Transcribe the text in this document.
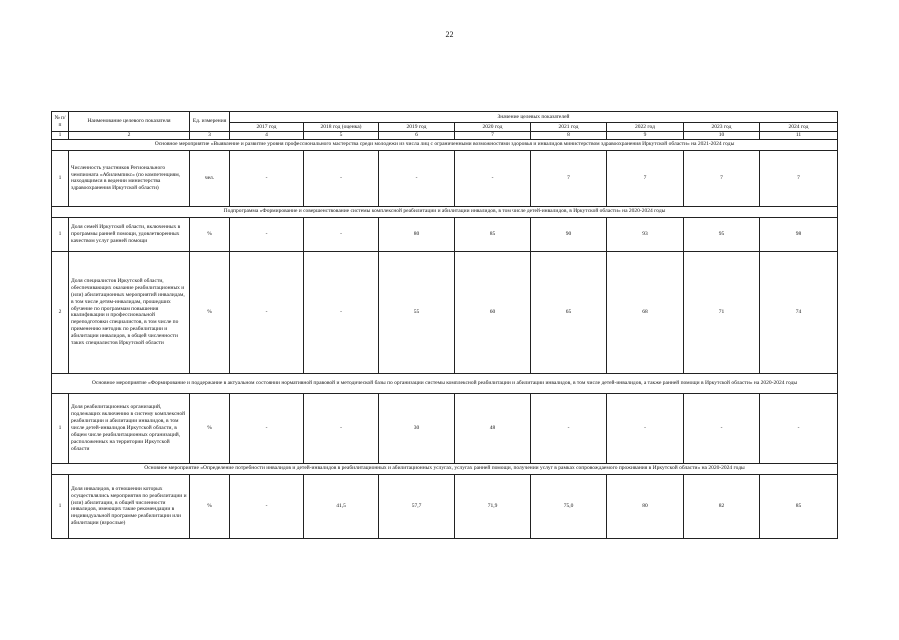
22
№ п/п	Наименование целевого показателя	Ед. измерения	Значение целевых показателей							
			2017 год	2018 год (оценка)	2019 год	2020 год	2021 год	2022 год	2023 год	2024 год
1	2	3	4	5	6	7	8	9	10	11
Основное мероприятие «Выявление и развитие уровня профессионального мастерства среди молодежи из числа лиц с ограниченными возможностями здоровья и инвалидов министерством здравоохранения Иркутской области» на 2021-2024 годы										
1	Численность участников Регионального чемпионата «Абилимпикс» (по компетенциям, находящимся в ведении министерства здравоохранения Иркутской области)	чел.	-	-	-	-	7	7	7	7
Подпрограмма «Формирование и совершенствование системы комплексной реабилитации и абилитации инвалидов, в том числе детей-инвалидов, в Иркутской области» на 2020-2024 годы										
1	Доля семей Иркутской области, включенных в программы ранней помощи, удовлетворенных качеством услуг ранней помощи	%	-	-	80	85	90	93	95	98
2	Доля специалистов Иркутской области, обеспечивающих оказание реабилитационных и (или) абилитационных мероприятий инвалидам, в том числе детям-инвалидам, прошедших обучение по программам повышения квалификации и профессиональной переподготовки специалистов, в том числе по применению методик по реабилитации и абилитации инвалидов, в общей численности таких специалистов Иркутской области	%	-	-	55	60	65	68	71	74
Основное мероприятие «Формирование и поддержание в актуальном состоянии нормативной правовой и методической базы по организации системы комплексной реабилитации и абилитации инвалидов, в том числе детей-инвалидов, а также ранней помощи в Иркутской области» на 2020-2024 годы										
1	Доля реабилитационных организаций, подлежащих включению в систему комплексной реабилитации и абилитации инвалидов, в том числе детей-инвалидов Иркутской области, в общем числе реабилитационных организаций, расположенных на территории Иркутской области	%	-	-	30	48	-	-	-	-
Основное мероприятие «Определение потребности инвалидов и детей-инвалидов в реабилитационных и абилитационных услугах, услугах ранней помощи, получении услуг в рамках сопровождаемого проживания в Иркутской области» на 2020-2024 годы										
1	Доля инвалидов, в отношении которых осуществлялись мероприятия по реабилитации и (или) абилитации, в общей численности инвалидов, имеющих такие рекомендации в индивидуальной программе реабилитации или абилитации (взрослые)	%	-	41,5	57,7	71,9	75,0	80	82	85
